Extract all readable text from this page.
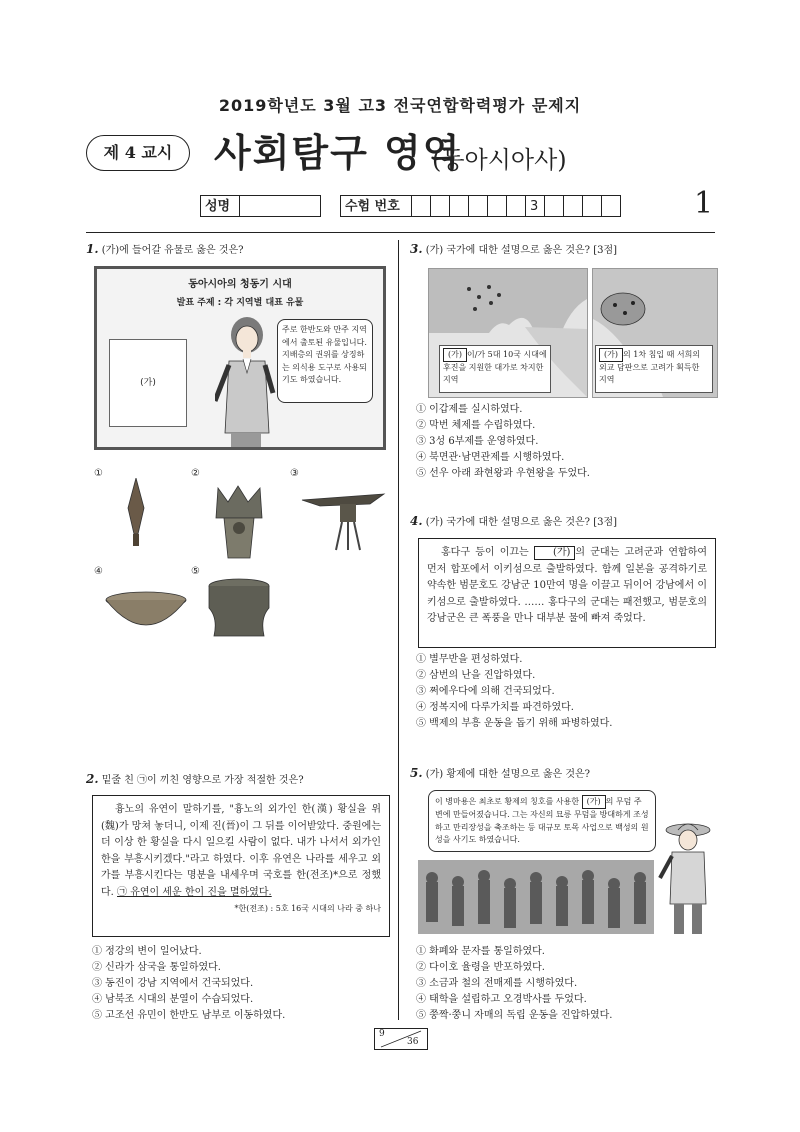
2019학년도 3월 고3 전국연합학력평가 문제지
제 4 교시	사회탐구 영역
(동아시아사)
성명	수험 번호	3	1
1. (가)에 들어갈 유물로 옳은 것은?
동아시아의 청동기 시대
발표 주제 : 각 지역별 대표 유물
(가)
주로 한반도와 만주 지역에서 출토된 유물입니다. 지배층의 권위를 상징하는 의식용 도구로 사용되기도 하였습니다.
①	②	③
④	⑤
2. 밑줄 친 ㉠이 끼친 영향으로 가장 적절한 것은?
흉노의 유연이 말하기를, "흉노의 외가인 한(漢) 황실을 위(魏)가 망쳐 놓더니, 이제 진(晉)이 그 뒤를 이어받았다. 중원에는 더 이상 한 황실을 다시 일으킬 사람이 없다. 내가 나서서 외가인 한을 부흥시키겠다."라고 하였다. 이후 유연은 나라를 세우고 외가를 부흥시킨다는 명분을 내세우며 국호를 한(전조)*으로 정했다. ㉠ 유연이 세운 한이 진을 멸하였다.
*한(전조) : 5호 16국 시대의 나라 중 하나
① 정강의 변이 일어났다.
② 신라가 삼국을 통일하였다.
③ 동진이 강남 지역에서 건국되었다.
④ 남북조 시대의 분열이 수습되었다.
⑤ 고조선 유민이 한반도 남부로 이동하였다.
3. (가) 국가에 대한 설명으로 옳은 것은? [3점]
(가) 이/가 5대 10국 시대에 후진을 지원한 대가로 차지한 지역
(가) 의 1차 침입 때 서희의 외교 담판으로 고려가 획득한 지역
① 이갑제를 실시하였다.
② 막번 체제를 수립하였다.
③ 3성 6부제를 운영하였다.
④ 북면관·남면관제를 시행하였다.
⑤ 선우 아래 좌현왕과 우현왕을 두었다.
4. (가) 국가에 대한 설명으로 옳은 것은? [3점]
홍다구 등이 이끄는 (가) 의 군대는 고려군과 연합하여 먼저 합포에서 이키섬으로 출발하였다. 함께 일본을 공격하기로 약속한 범문호도 강남군 10만여 명을 이끌고 뒤이어 강남에서 이키섬으로 출발하였다. …… 홍다구의 군대는 패전했고, 범문호의 강남군은 큰 폭풍을 만나 대부분 물에 빠져 죽었다.
① 별무반을 편성하였다.
② 삼번의 난을 진압하였다.
③ 쩌에우다에 의해 건국되었다.
④ 정복지에 다루가치를 파견하였다.
⑤ 백제의 부흥 운동을 돕기 위해 파병하였다.
5. (가) 황제에 대한 설명으로 옳은 것은?
이 병마용은 최초로 황제의 칭호를 사용한 (가) 의 무덤 주변에 만들어졌습니다. 그는 자신의 묘릉 무덤을 방대하게 조성하고 만리장성을 축조하는 등 대규모 토목 사업으로 백성의 원성을 사기도 하였습니다.
① 화폐와 문자를 통일하였다.
② 다이호 율령을 반포하였다.
③ 소금과 철의 전매제를 시행하였다.
④ 태학을 설립하고 오경박사를 두었다.
⑤ 쭝짝·쭝니 자매의 독립 운동을 진압하였다.
9
36
